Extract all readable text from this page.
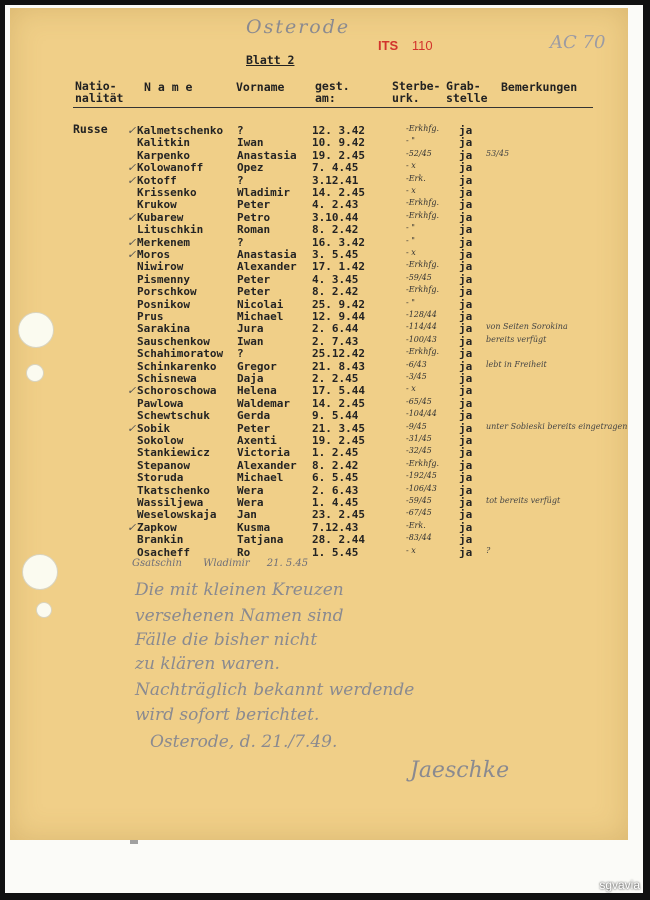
Osterode
ITS 110	AC 70
Blatt 2
Natio-
nalität
N a m e	Vorname	gest.
am:
Sterbe-
urk.
Grab-
stelle
Bemerkungen
Russe ✓ Kalmetschenko ?	12. 3.42	-Erkhfg. ja
Kalitkin	Iwan	10. 9.42	- "	ja
Karpenko	Anastasia 19. 2.45	-52/45 ja 53/45
✓ Kolowanoff	Opez	7. 4.45	- x	ja
✓ Kotoff	?	3.12.41	-Erk.	ja
Krissenko	Wladimir 14. 2.45	- x	ja
Krukow	Peter	4. 2.43	-Erkhfg. ja
✓ Kubarew	Petro	3.10.44	-Erkhfg. ja
Lituschkin	Roman	8. 2.42	- "	ja
✓ Merkenem	?	16. 3.42	- "	ja
✓ Moros	Anastasia 3. 5.45	- x	ja
Niwirow	Alexander 17. 1.42	-Erkhfg. ja
Pismenny	Peter	4. 3.45	-59/45 ja
Porschkow	Peter	8. 2.42	-Erkhfg. ja
Posnikow	Nicolai	25. 9.42	- "	ja
Prus	Michael	12. 9.44	-128/44 ja
Sarakina	Jura	2. 6.44	-114/44 ja von Seiten Sorokina
Sauschenkow Iwan	2. 7.43	-100/43 ja bereits verfügt
Schahimoratow ?	25.12.42	-Erkhfg. ja
Schinkarenko Gregor	21. 8.43	-6/43	ja lebt in Freiheit
Schisnewa	Daja	2. 2.45	-3/45	ja
✓ Schoroschowa Helena	17. 5.44	- x	ja
Pawlowa	Waldemar 14. 2.45	-65/45 ja
Schewtschuk Gerda	9. 5.44	-104/44 ja
✓ Sobik	Peter	21. 3.45	-9/45	ja unter Sobieski bereits eingetragen
Sokolow	Axenti	19. 2.45	-31/45 ja
Stankiewicz Victoria 1. 2.45	-32/45 ja
Stepanow	Alexander 8. 2.42	-Erkhfg. ja
Storuda	Michael	6. 5.45	-192/45 ja
Tkatschenko Wera	2. 6.43	-106/43 ja
Wassiljewa	Wera	1. 4.45	-59/45 ja tot bereits verfügt
Weselowskaja Jan	23. 2.45	-67/45 ja
✓ Zapkow	Kusma	7.12.43	-Erk.	ja
Brankin	Tatjana	28. 2.44	-83/44 ja
Osacheff	Ro	1. 5.45	- x	ja ?
Gsatschin Wladimir 21. 5.45
Die mit kleinen Kreuzen
versehenen Namen sind
Fälle die bisher nicht
zu klären waren.
Nachträglich bekannt werdende
wird sofort berichtet.
Osterode, d. 21./7.49.
Jaeschke
sgvavia
